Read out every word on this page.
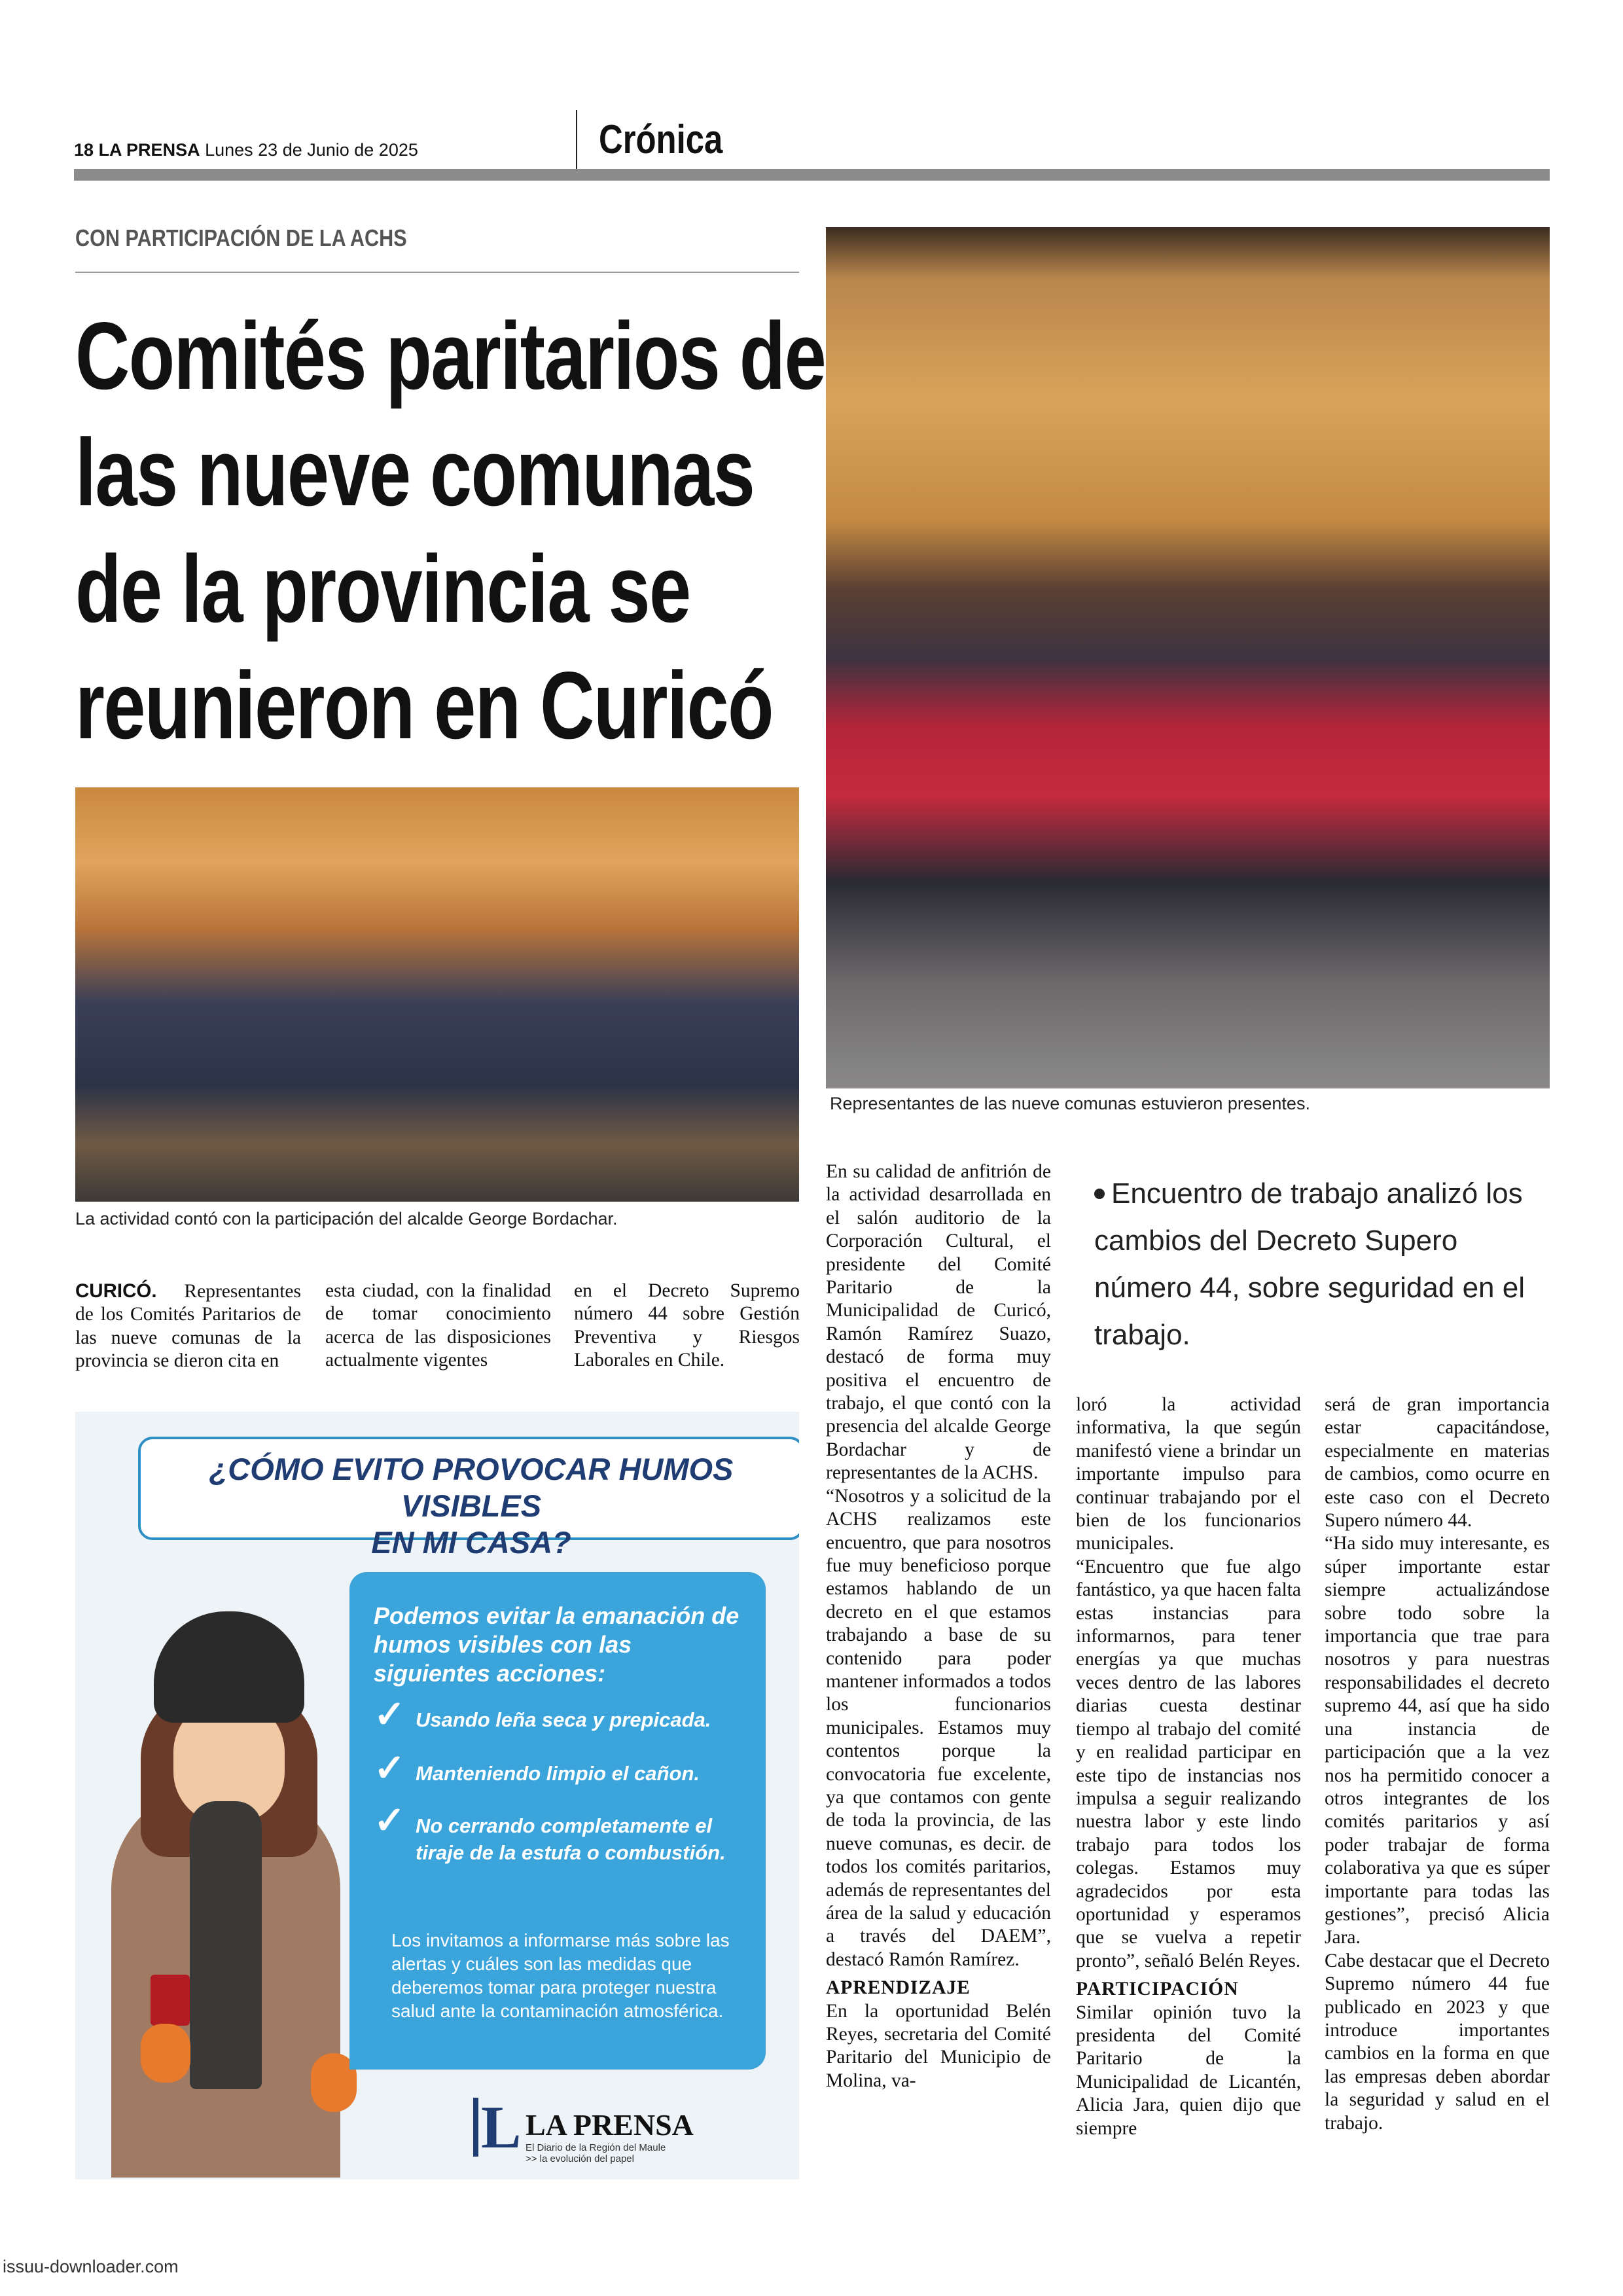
18 LA PRENSA Lunes 23 de Junio de 2025	Crónica
CON PARTICIPACIÓN DE LA ACHS
Comités paritarios de
las nueve comunas
de la provincia se
reunieron en Curicó
Representantes de las nueve comunas estuvieron presentes.
La actividad contó con la participación del alcalde George Bordachar.

CURICÓ. Representantes de los Comités Paritarios de las nueve comunas de la provincia se dieron cita en

esta ciudad, con la finalidad de tomar conocimiento acerca de las disposiciones actualmente vigentes

en el Decreto Supremo número 44 sobre Gestión Preventiva y Riesgos Laborales en Chile.

En su calidad de anfitrión de la actividad desarrollada en el salón auditorio de la Corporación Cultural, el presidente del Comité Paritario de la Municipalidad de Curicó, Ramón Ramírez Suazo, destacó de forma muy positiva el encuentro de trabajo, el que contó con la presencia del alcalde George Bordachar y de representantes de la ACHS.

“Nosotros y a solicitud de la ACHS realizamos este encuentro, que para nosotros fue muy beneficioso porque estamos hablando de un decreto en el que estamos trabajando a base de su contenido para poder mantener informados a todos los funcionarios municipales. Estamos muy contentos porque la convocatoria fue excelente, ya que contamos con gente de toda la provincia, de las nueve comunas, es decir. de todos los comités paritarios, además de representantes del área de la salud y educación a través del DAEM”, destacó Ramón Ramírez.

APRENDIZAJE

En la oportunidad Belén Reyes, secretaria del Comité Paritario del Municipio de Molina, va-

Encuentro de trabajo analizó los cambios del Decreto Supero número 44, sobre seguridad en el trabajo.

loró la actividad informativa, la que según manifestó viene a brindar un importante impulso para continuar trabajando por el bien de los funcionarios municipales.

“Encuentro que fue algo fantástico, ya que hacen falta estas instancias para informarnos, para tener energías ya que muchas veces dentro de las labores diarias cuesta destinar tiempo al trabajo del comité y en realidad participar en este tipo de instancias nos impulsa a seguir realizando nuestra labor y este lindo trabajo para todos los colegas. Estamos muy agradecidos por esta oportunidad y esperamos que se vuelva a repetir pronto”, señaló Belén Reyes.

PARTICIPACIÓN

Similar opinión tuvo la presidenta del Comité Paritario de la Municipalidad de Licantén, Alicia Jara, quien dijo que siempre

será de gran importancia estar capacitándose, especialmente en materias de cambios, como ocurre en este caso con el Decreto Supero número 44.

“Ha sido muy interesante, es súper importante estar siempre actualizándose sobre todo sobre la importancia que trae para nosotros y para nuestras responsabilidades el decreto supremo 44, así que ha sido una instancia de participación que a la vez nos ha permitido conocer a otros integrantes de los comités paritarios y así poder trabajar de forma colaborativa ya que es súper importante para todas las gestiones”, precisó Alicia Jara.

Cabe destacar que el Decreto Supremo número 44 fue publicado en 2023 y que introduce importantes cambios en la forma en que las empresas deben abordar la seguridad y salud en el trabajo.

¿CÓMO EVITO PROVOCAR HUMOS VISIBLES
EN MI CASA?
Podemos evitar la emanación de humos visibles con las siguientes acciones:
✓ Usando leña seca y prepicada.
✓ Manteniendo limpio el cañon.
✓ No cerrando completamente el tiraje de la estufa o combustión.
Los invitamos a informarse más sobre las alertas y cuáles son las medidas que deberemos tomar para proteger nuestra salud ante la contaminación atmosférica.
L LA PRENSA
El Diario de la Región del Maule
>> la evolución del papel
issuu-downloader.com
